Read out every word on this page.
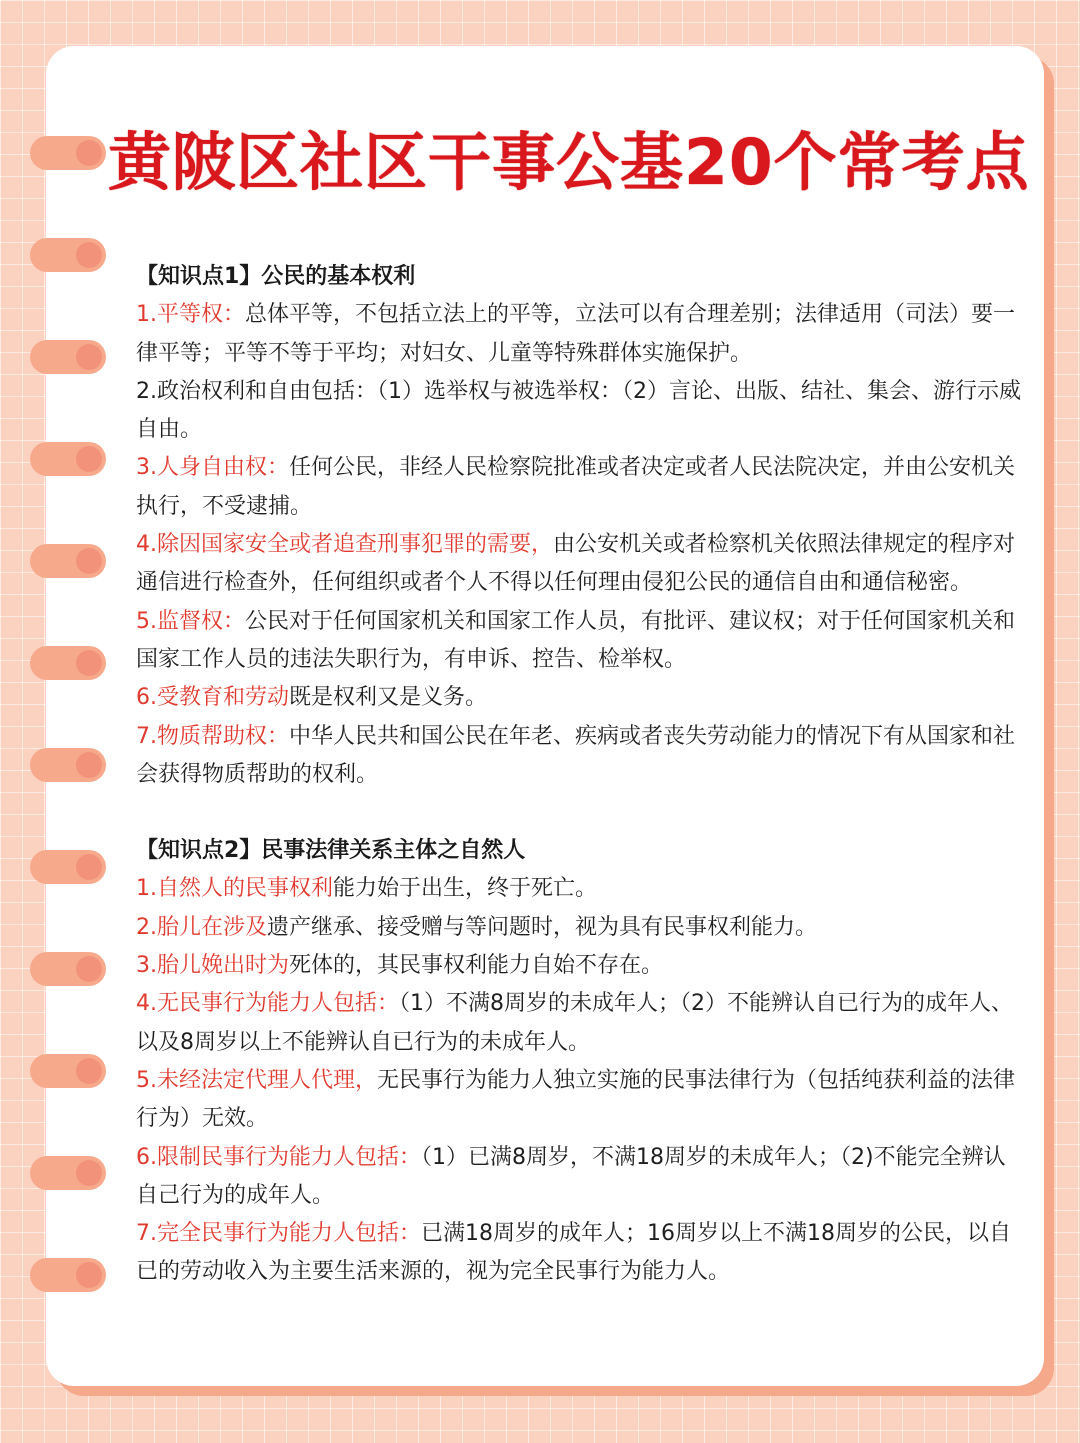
黄陂区社区干事公基20个常考点
【知识点1】公民的基本权利

1.平等权：总体平等，不包括立法上的平等，立法可以有合理差别；法律适用（司法）要一律平等；平等不等于平均；对妇女、儿童等特殊群体实施保护。

2.政治权利和自由包括：（1）选举权与被选举权：（2）言论、出版、结社、集会、游行示威自由。

3.人身自由权：任何公民，非经人民检察院批准或者决定或者人民法院决定，并由公安机关执行，不受逮捕。

4.除因国家安全或者追查刑事犯罪的需要，由公安机关或者检察机关依照法律规定的程序对通信进行检查外，任何组织或者个人不得以任何理由侵犯公民的通信自由和通信秘密。

5.监督权：公民对于任何国家机关和国家工作人员，有批评、建议权；对于任何国家机关和国家工作人员的违法失职行为，有申诉、控告、检举权。

6.受教育和劳动既是权利又是义务。

7.物质帮助权：中华人民共和国公民在年老、疾病或者丧失劳动能力的情况下有从国家和社会获得物质帮助的权利。

【知识点2】民事法律关系主体之自然人

1.自然人的民事权利能力始于出生，终于死亡。

2.胎儿在涉及遗产继承、接受赠与等问题时，视为具有民事权利能力。

3.胎儿娩出时为死体的，其民事权利能力自始不存在。

4.无民事行为能力人包括：（1）不满8周岁的未成年人；（2）不能辨认自已行为的成年人、以及8周岁以上不能辨认自已行为的未成年人。

5.未经法定代理人代理，无民事行为能力人独立实施的民事法律行为（包括纯获利益的法律行为）无效。

6.限制民事行为能力人包括：（1）已满8周岁，不满18周岁的未成年人；（2)不能完全辨认自己行为的成年人。

7.完全民事行为能力人包括：已满18周岁的成年人；16周岁以上不满18周岁的公民，以自已的劳动收入为主要生活来源的，视为完全民事行为能力人。
